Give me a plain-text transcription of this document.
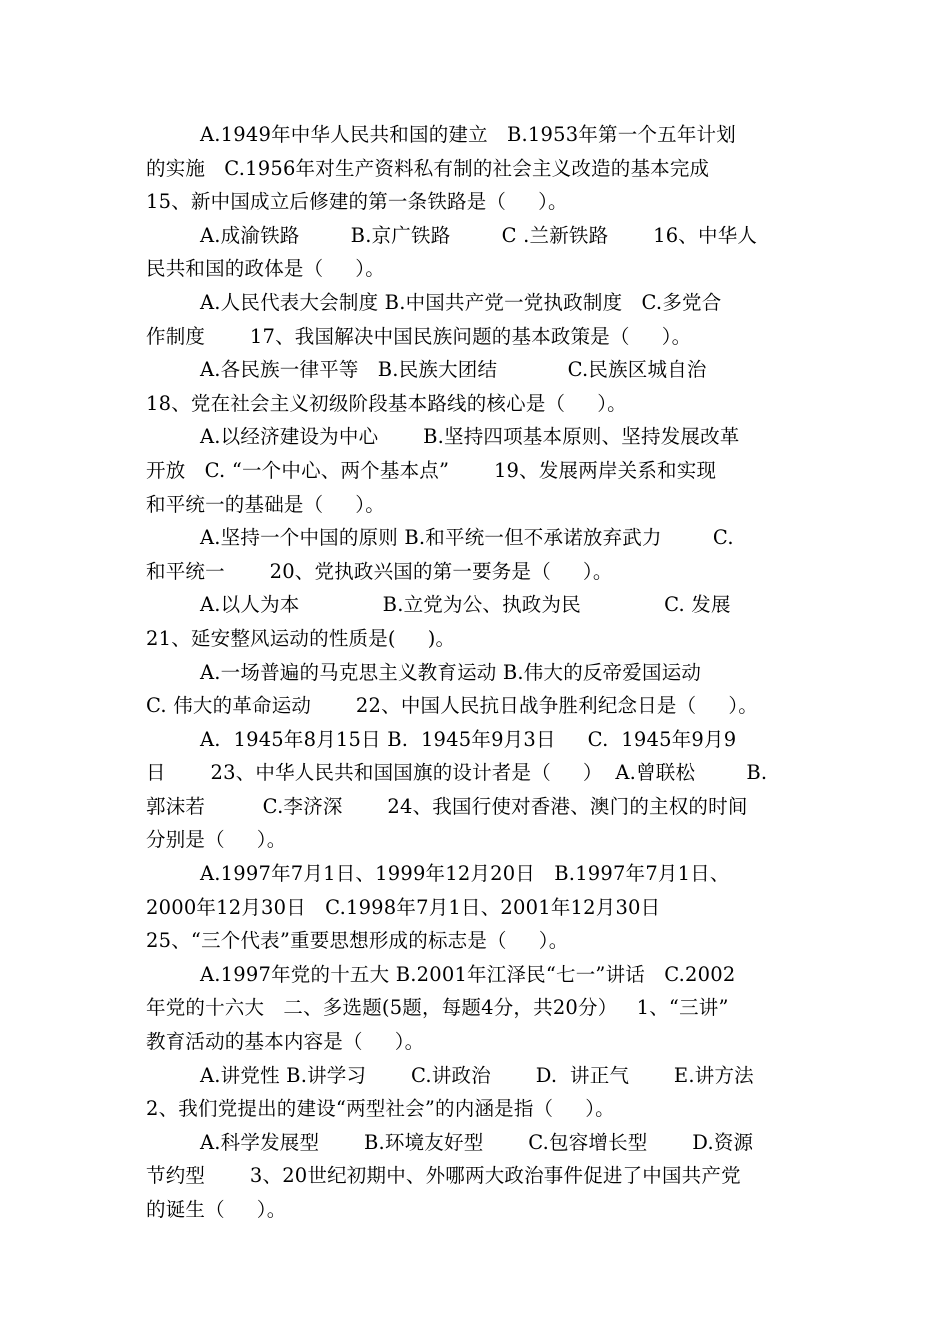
A.1949年中华人民共和国的建立   B.1953年第一个五年计划
的实施   C.1956年对生产资料私有制的社会主义改造的基本完成
15、新中国成立后修建的第一条铁路是（     ）。
A.成渝铁路        B.京广铁路        C .兰新铁路       16、中华人
民共和国的政体是（     ）。
A.人民代表大会制度 B.中国共产党一党执政制度   C.多党合
作制度       17、我国解决中国民族问题的基本政策是（     ）。
A.各民族一律平等   B.民族大团结           C.民族区城自治
18、党在社会主义初级阶段基本路线的核心是（     ）。
A.以经济建设为中心       B.坚持四项基本原则、坚持发展改革
开放   C. “一个中心、两个基本点”       19、发展两岸关系和实现
和平统一的基础是（     ）。
A.坚持一个中国的原则 B.和平统一但不承诺放弃武力        C.
和平统一       20、党执政兴国的第一要务是（     ）。
A.以人为本             B.立党为公、执政为民             C. 发展
21、延安整风运动的性质是(     )。
A.一场普遍的马克思主义教育运动 B.伟大的反帝爱国运动
C. 伟大的革命运动       22、中国人民抗日战争胜利纪念日是（     ）。
A.  1945年8月15日 B.  1945年9月3日     C.  1945年9月9
日       23、中华人民共和国国旗的设计者是（     ）  A.曾联松        B.
郭沫若         C.李济深       24、我国行使对香港、澳门的主权的时间
分别是（     ）。
A.1997年7月1日、1999年12月20日   B.1997年7月1日、
2000年12月30日   C.1998年7月1日、2001年12月30日
25、“三个代表”重要思想形成的标志是（     ）。
A.1997年党的十五大 B.2001年江泽民“七一”讲话   C.2002
年党的十六大   二、多选题(5题，每题4分，共20分）   1、“三讲”
教育活动的基本内容是（     ）。
A.讲党性 B.讲学习       C.讲政治       D.  讲正气       E.讲方法
2、我们党提出的建设“两型社会”的内涵是指（     ）。
A.科学发展型       B.环境友好型       C.包容增长型       D.资源
节约型       3、20世纪初期中、外哪两大政治事件促进了中国共产党
的诞生（     ）。
